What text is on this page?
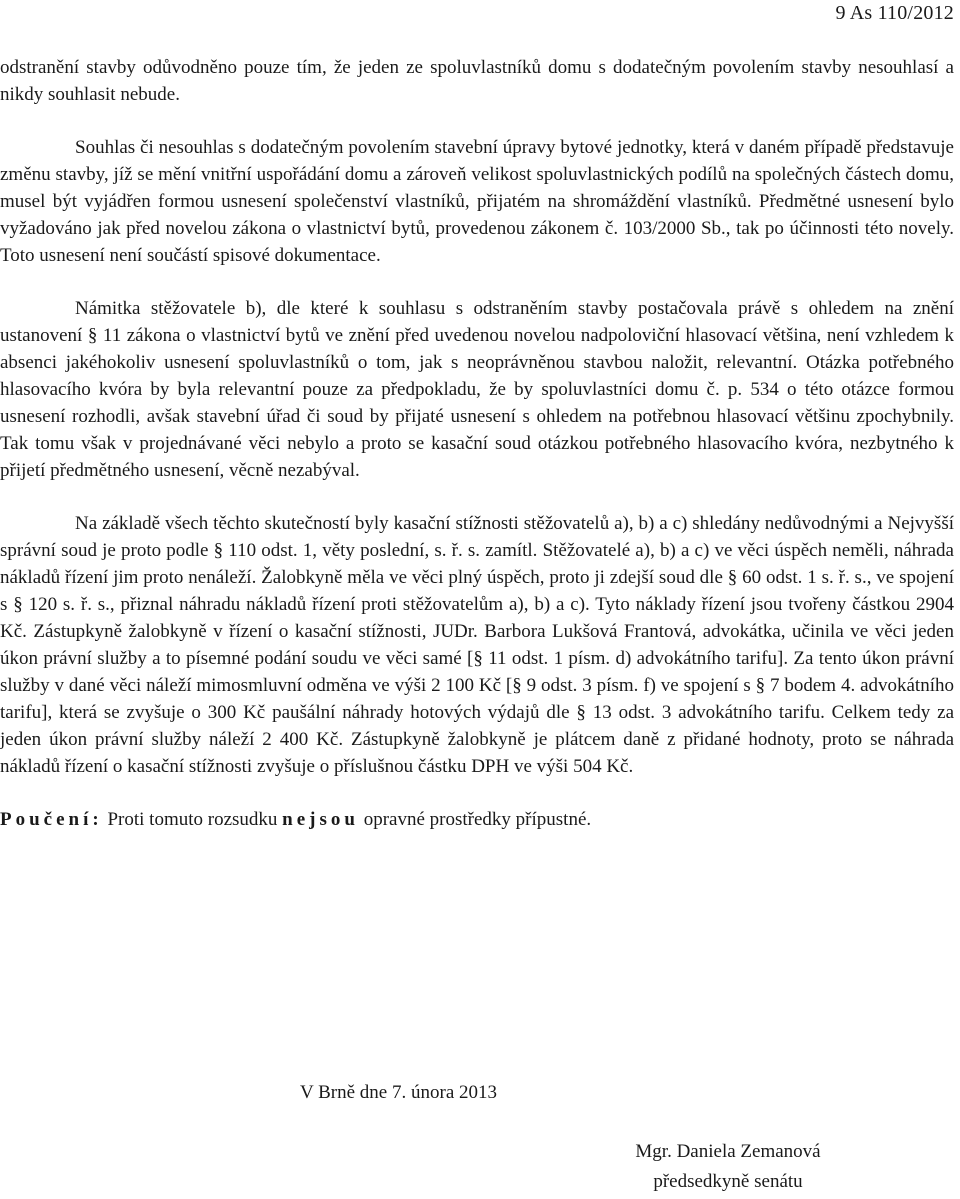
9 As 110/2012

odstranění stavby odůvodněno pouze tím, že jeden ze spoluvlastníků domu s dodatečným povolením stavby nesouhlasí a nikdy souhlasit nebude.

Souhlas či nesouhlas s dodatečným povolením stavební úpravy bytové jednotky, která v daném případě představuje změnu stavby, jíž se mění vnitřní uspořádání domu a zároveň velikost spoluvlastnických podílů na společných částech domu, musel být vyjádřen formou usnesení společenství vlastníků, přijatém na shromáždění vlastníků. Předmětné usnesení bylo vyžadováno jak před novelou zákona o vlastnictví bytů, provedenou zákonem č. 103/2000 Sb., tak po účinnosti této novely. Toto usnesení není součástí spisové dokumentace.

Námitka stěžovatele b), dle které k souhlasu s odstraněním stavby postačovala právě s ohledem na znění ustanovení § 11 zákona o vlastnictví bytů ve znění před uvedenou novelou nadpoloviční hlasovací většina, není vzhledem k absenci jakéhokoliv usnesení spoluvlastníků o tom, jak s neoprávněnou stavbou naložit, relevantní. Otázka potřebného hlasovacího kvóra by byla relevantní pouze za předpokladu, že by spoluvlastníci domu č. p. 534 o této otázce formou usnesení rozhodli, avšak stavební úřad či soud by přijaté usnesení s ohledem na potřebnou hlasovací většinu zpochybnily. Tak tomu však v projednávané věci nebylo a proto se kasační soud otázkou potřebného hlasovacího kvóra, nezbytného k přijetí předmětného usnesení, věcně nezabýval.

Na základě všech těchto skutečností byly kasační stížnosti stěžovatelů a), b) a c) shledány nedůvodnými a Nejvyšší správní soud je proto podle § 110 odst. 1, věty poslední, s. ř. s. zamítl. Stěžovatelé a), b) a c) ve věci úspěch neměli, náhrada nákladů řízení jim proto nenáleží. Žalobkyně měla ve věci plný úspěch, proto ji zdejší soud dle § 60 odst. 1 s. ř. s., ve spojení s § 120 s. ř. s., přiznal náhradu nákladů řízení proti stěžovatelům a), b) a c). Tyto náklady řízení jsou tvořeny částkou 2904 Kč. Zástupkyně žalobkyně v řízení o kasační stížnosti, JUDr. Barbora Lukšová Frantová, advokátka, učinila ve věci jeden úkon právní služby a to písemné podání soudu ve věci samé [§ 11 odst. 1 písm. d) advokátního tarifu]. Za tento úkon právní služby v dané věci náleží mimosmluvní odměna ve výši 2 100 Kč [§ 9 odst. 3 písm. f) ve spojení s § 7 bodem 4. advokátního tarifu], která se zvyšuje o 300 Kč paušální náhrady hotových výdajů dle § 13 odst. 3 advokátního tarifu. Celkem tedy za jeden úkon právní služby náleží 2 400 Kč. Zástupkyně žalobkyně je plátcem daně z přidané hodnoty, proto se náhrada nákladů řízení o kasační stížnosti zvyšuje o příslušnou částku DPH ve výši 504 Kč.

Poučení: Proti tomuto rozsudku nejsou opravné prostředky přípustné.

V Brně dne 7. února 2013
Mgr. Daniela Zemanová
předsedkyně senátu
